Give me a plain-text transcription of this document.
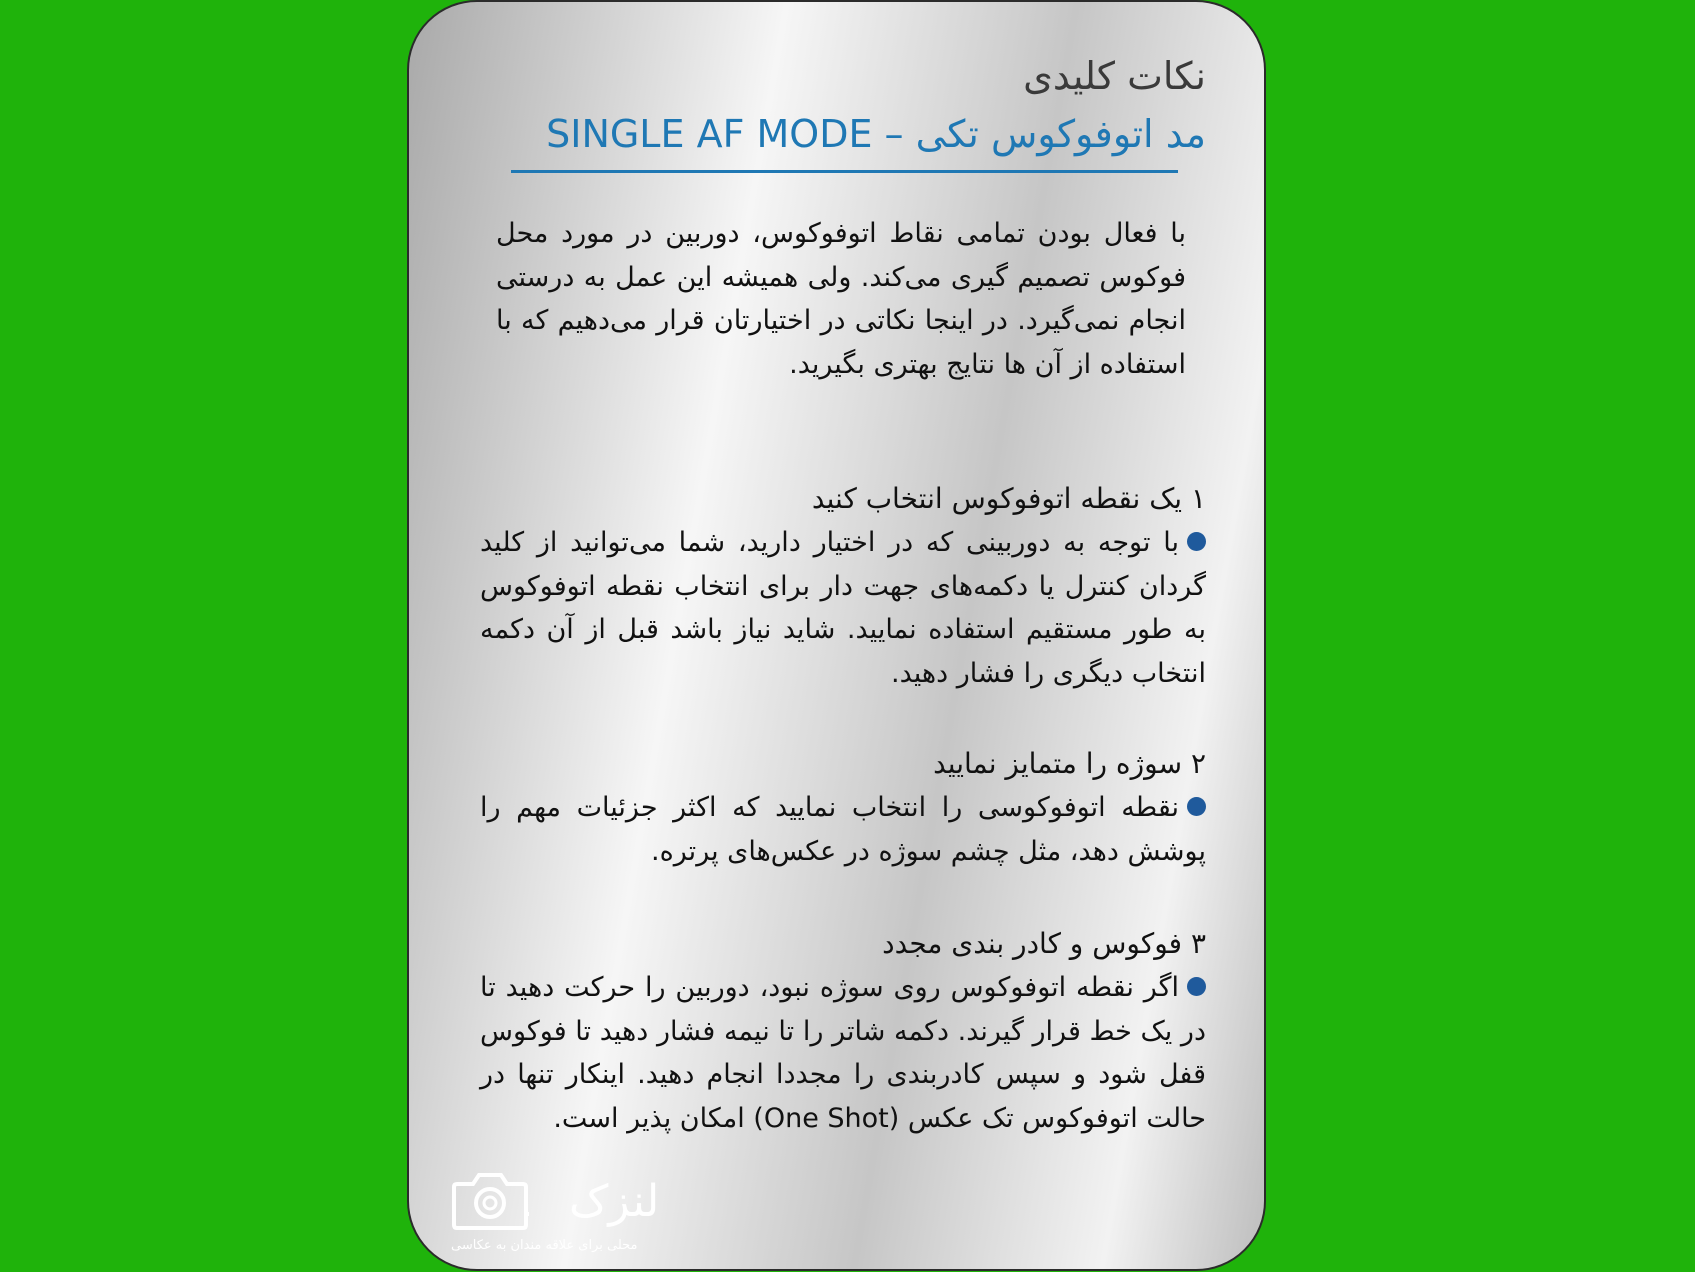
نکات کلیدی
مد اتوفوکوس تکی – SINGLE AF MODE

با فعال بودن تمامی نقاط اتوفوکوس، دوربین در مورد محل فوکوس تصمیم گیری می‌کند. ولی همیشه این عمل به درستی انجام نمی‌گیرد. در اینجا نکاتی در اختیارتان قرار می‌دهیم که با استفاده از آن ها نتایج بهتری بگیرید.

۱ یک نقطه اتوفوکوس انتخاب کنید

با توجه به دوربینی که در اختیار دارید، شما می‌توانید از کلید گردان کنترل یا دکمه‌های جهت دار برای انتخاب نقطه اتوفوکوس به طور مستقیم استفاده نمایید. شاید نیاز باشد قبل از آن دکمه انتخاب دیگری را فشار دهید.

۲ سوژه را متمایز نمایید

نقطه اتوفوکوسی را انتخاب نمایید که اکثر جزئیات مهم را پوشش دهد، مثل چشم سوژه در عکس‌های پرتره.

۳ فوکوس و کادر بندی مجدد

اگر نقطه اتوفوکوس روی سوژه نبود، دوربین را حرکت دهید تا در یک خط قرار گیرند. دکمه شاتر را تا نیمه فشار دهید تا فوکوس قفل شود و سپس کادربندی را مجددا انجام دهید. اینکار تنها در حالت اتوفوکوس تک عکس (One Shot) امکان پذیر است.

لنزک
محلی برای علاقه مندان به عکاسی
